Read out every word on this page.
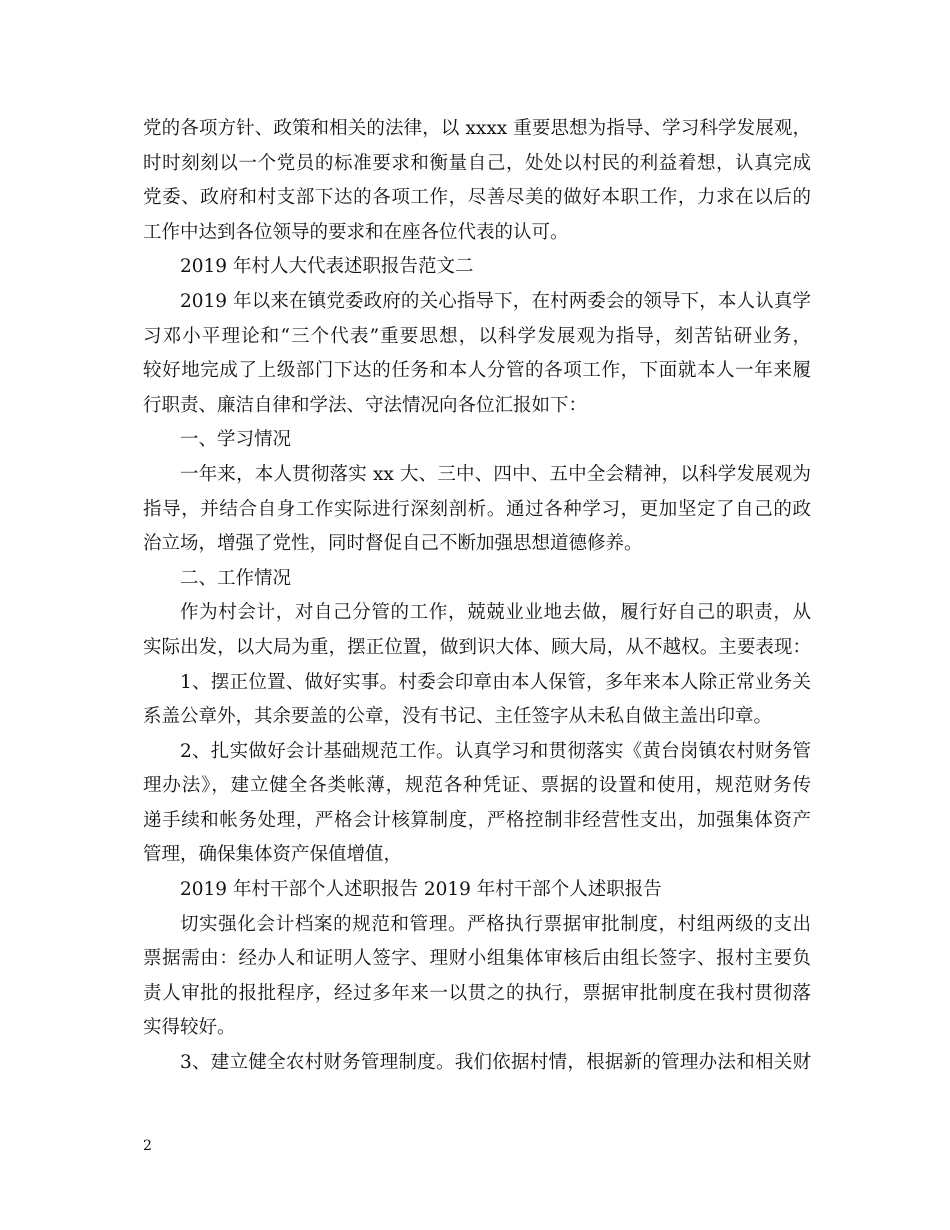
党的各项方针、政策和相关的法律，以 xxxx 重要思想为指导、学习科学发展观，
时时刻刻以一个党员的标准要求和衡量自己，处处以村民的利益着想，认真完成
党委、政府和村支部下达的各项工作，尽善尽美的做好本职工作，力求在以后的
工作中达到各位领导的要求和在座各位代表的认可。
2019 年村人大代表述职报告范文二
2019 年以来在镇党委政府的关心指导下，在村两委会的领导下，本人认真学
习邓小平理论和“三个代表”重要思想，以科学发展观为指导，刻苦钻研业务，
较好地完成了上级部门下达的任务和本人分管的各项工作，下面就本人一年来履
行职责、廉洁自律和学法、守法情况向各位汇报如下：
一、学习情况
一年来，本人贯彻落实 xx 大、三中、四中、五中全会精神，以科学发展观为
指导，并结合自身工作实际进行深刻剖析。通过各种学习，更加坚定了自己的政
治立场，增强了党性，同时督促自己不断加强思想道德修养。
二、工作情况
作为村会计，对自己分管的工作，兢兢业业地去做，履行好自己的职责，从
实际出发，以大局为重，摆正位置，做到识大体、顾大局，从不越权。主要表现：
1、摆正位置、做好实事。村委会印章由本人保管，多年来本人除正常业务关
系盖公章外，其余要盖的公章，没有书记、主任签字从未私自做主盖出印章。
2、扎实做好会计基础规范工作。认真学习和贯彻落实《黄台岗镇农村财务管
理办法》，建立健全各类帐薄，规范各种凭证、票据的设置和使用，规范财务传
递手续和帐务处理，严格会计核算制度，严格控制非经营性支出，加强集体资产
管理，确保集体资产保值增值，
2019 年村干部个人述职报告 2019 年村干部个人述职报告
切实强化会计档案的规范和管理。严格执行票据审批制度，村组两级的支出
票据需由：经办人和证明人签字、理财小组集体审核后由组长签字、报村主要负
责人审批的报批程序，经过多年来一以贯之的执行，票据审批制度在我村贯彻落
实得较好。
3、建立健全农村财务管理制度。我们依据村情，根据新的管理办法和相关财
2
